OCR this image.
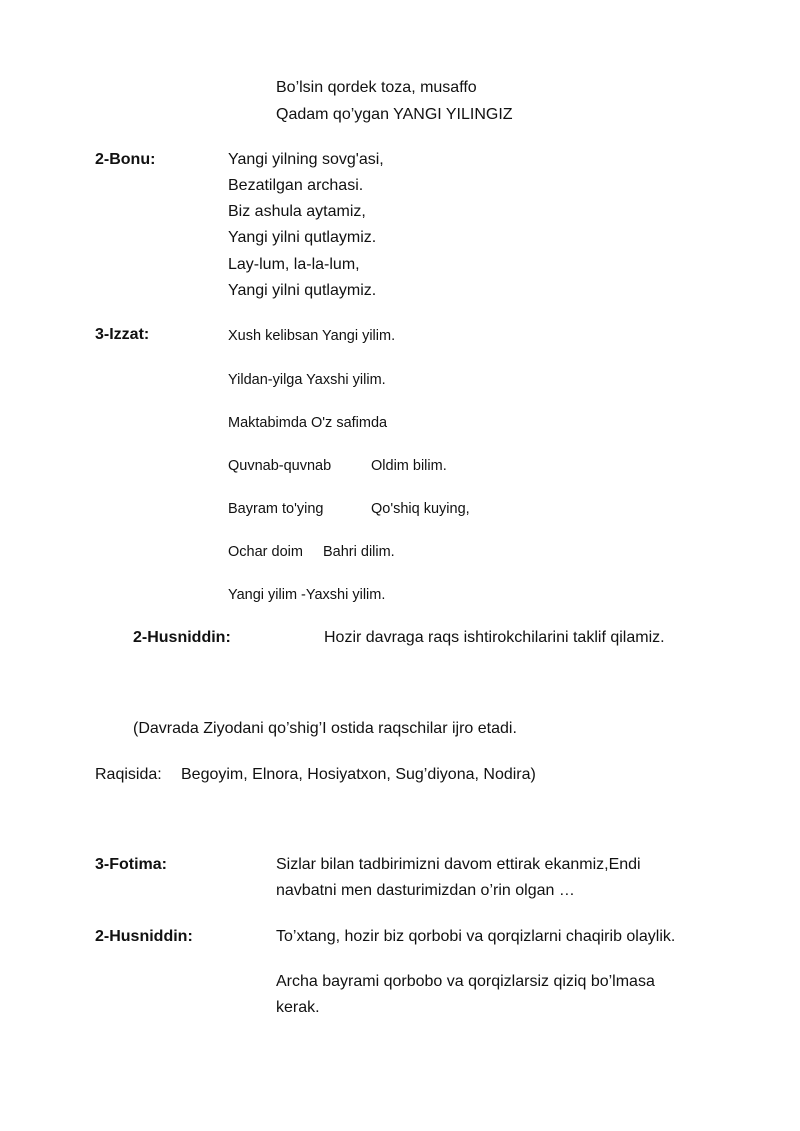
Bo’lsin qordek toza, musaffo
Qadam qo’ygan YANGI YILINGIZ
2-Bonu:	Yangi yilning sovg'asi,
Bezatilgan archasi.
Biz ashula aytamiz,
Yangi yilni qutlaymiz.
Lay-lum, la-la-lum,
Yangi yilni qutlaymiz.
3-Izzat:	Xush kelibsan Yangi yilim.
Yildan-yilga Yaxshi yilim.
Maktabimda O'z safimda
Quvnab-quvnab	Oldim bilim.
Bayram to'ying	Qo'shiq kuying,
Ochar doim Bahri dilim.
Yangi yilim -Yaxshi yilim.
2-Husniddin:	Hozir davraga raqs ishtirokchilarini taklif qilamiz.
(Davrada Ziyodani qo’shig’I ostida raqschilar ijro etadi.
Raqisida: Begoyim, Elnora, Hosiyatxon, Sug’diyona, Nodira)
3-Fotima:	Sizlar bilan tadbirimizni davom ettirak ekanmiz,Endi
navbatni men dasturimizdan o’rin olgan …
2-Husniddin:	To’xtang, hozir biz qorbobi va qorqizlarni chaqirib olaylik.
Archa bayrami qorbobo va qorqizlarsiz qiziq bo’lmasa
kerak.
